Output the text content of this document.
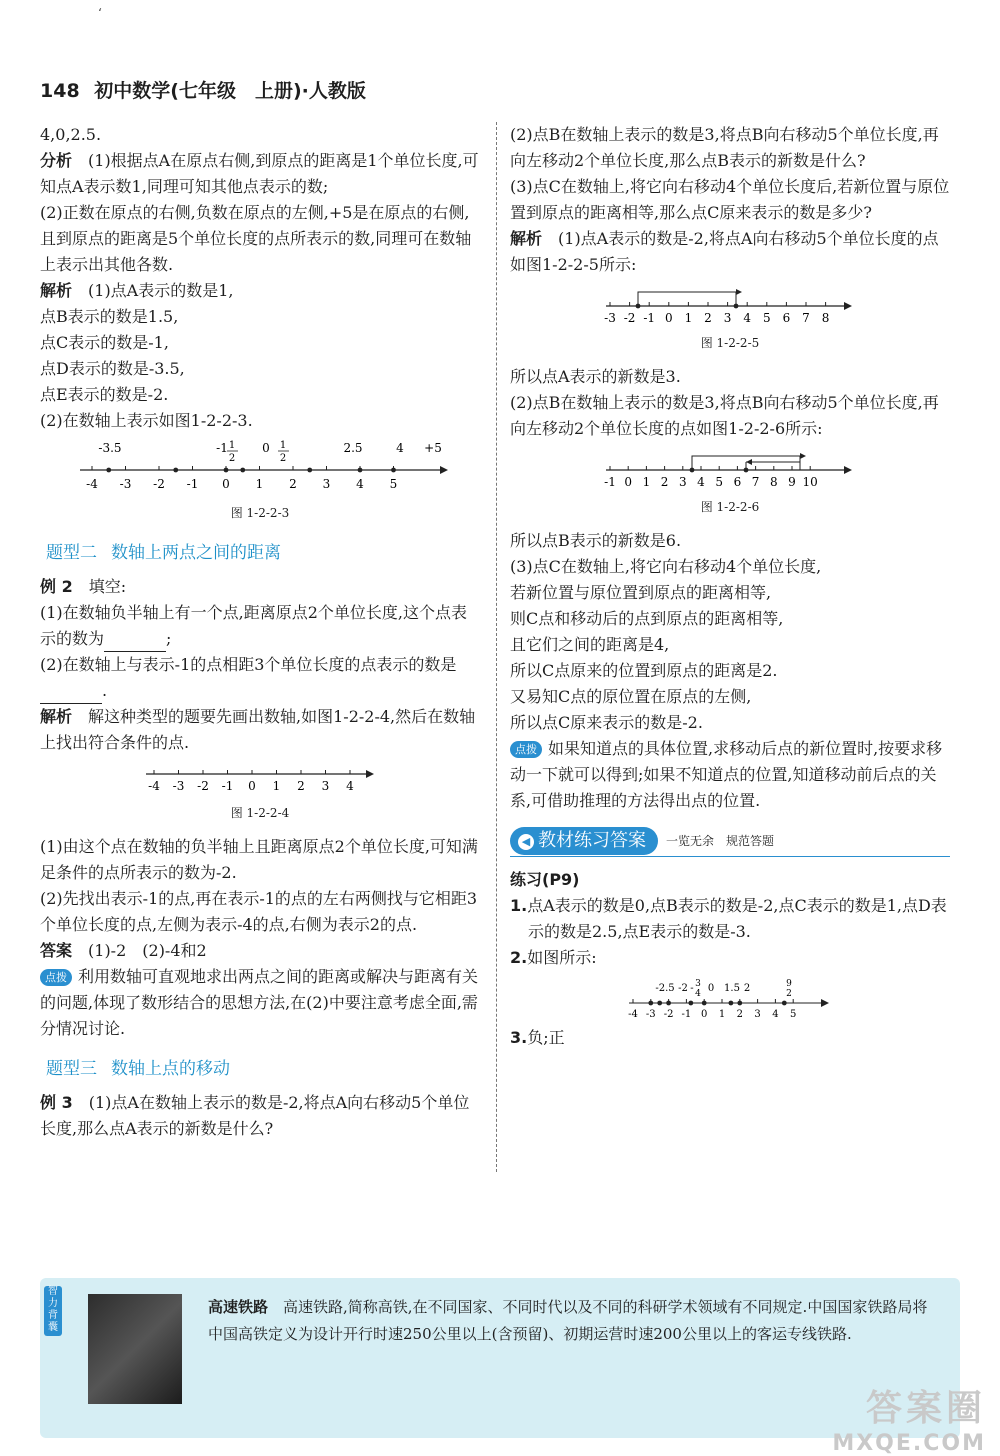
‘
148 初中数学(七年级　上册)·人教版

4,0,2.5.

分析　(1)根据点A在原点右侧,到原点的距离是1个单位长度,可知点A表示数1,同理可知其他点表示的数;

(2)正数在原点的右侧,负数在原点的左侧,+5是在原点的右侧,且到原点的距离是5个单位长度的点所表示的数,同理可在数轴上表示出其他各数.

解析　(1)点A表示的数是1,

点B表示的数是1.5,

点C表示的数是-1,

点D表示的数是-3.5,

点E表示的数是-2.

(2)在数轴上表示如图1-2-2-3.

-4 -3 -2 -1 0 1 2 3 4 5
-3.5	-1 1
2
0 1
2
2.5	4 +5
图 1-2-2-3
题型二 数轴上两点之间的距离

例 2　 填空:

(1)在数轴负半轴上有一个点,距离原点2个单位长度,这个点表示的数为	;

(2)在数轴上与表示-1的点相距3个单位长度的点表示的数是.

解析　解这种类型的题要先画出数轴,如图1-2-2-4,然后在数轴上找出符合条件的点.

-4 -3 -2 -1 0 1 2 3 4
图 1-2-2-4

(1)由这个点在数轴的负半轴上且距离原点2个单位长度,可知满足条件的点所表示的数为-2.

(2)先找出表示-1的点,再在表示-1的点的左右两侧找与它相距3个单位长度的点,左侧为表示-4的点,右侧为表示2的点.

答案　(1)-2　(2)-4和2

点拨 利用数轴可直观地求出两点之间的距离或解决与距离有关的问题,体现了数形结合的思想方法,在(2)中要注意考虑全面,需分情况讨论.

题型三 数轴上点的移动

例 3　(1)点A在数轴上表示的数是-2,将点A向右移动5个单位长度,那么点A表示的新数是什么?

(2)点B在数轴上表示的数是3,将点B向右移动5个单位长度,再向左移动2个单位长度,那么点B表示的新数是什么?

(3)点C在数轴上,将它向右移动4个单位长度后,若新位置与原位置到原点的距离相等,那么点C原来表示的数是多少?

解析　(1)点A表示的数是-2,将点A向右移动5个单位长度的点如图1-2-2-5所示:

-3 -2 -1 0 1 2 3 4 5 6 7 8
图 1-2-2-5

所以点A表示的新数是3.

(2)点B在数轴上表示的数是3,将点B向右移动5个单位长度,再向左移动2个单位长度的点如图1-2-2-6所示:

-1 0 1 2 3 4 5 6 7 8 9 10
图 1-2-2-6

所以点B表示的新数是6.

(3)点C在数轴上,将它向右移动4个单位长度,

若新位置与原位置到原点的距离相等,

则C点和移动后的点到原点的距离相等,

且它们之间的距离是4,

所以C点原来的位置到原点的距离是2.

又易知C点的原位置在原点的左侧,

所以点C原来表示的数是-2.

点拨 如果知道点的具体位置,求移动后点的新位置时,按要求移动一下就可以得到;如果不知道点的位置,知道移动前后点的关系,可借助推理的方法得出点的位置.

◀ 教材练习答案	一览无余　规范答题

练习(P9)

1.点A表示的数是0,点B表示的数是-2,点C表示的数是1,点D表示的数是2.5,点E表示的数是-3.

2.如图所示:

-2.5 -2 - 3
4 0 1.5 2	9
2
-4 -3 -2 -1 0 1 2 3 4 5

3.负;正

智力背囊
高速铁路　高速铁路,简称高铁,在不同国家、不同时代以及不同的科研学术领域有不同规定.中国国家铁路局将中国高铁定义为设计开行时速250公里以上(含预留)、初期运营时速200公里以上的客运专线铁路.
答案圈
MXQE.COM
